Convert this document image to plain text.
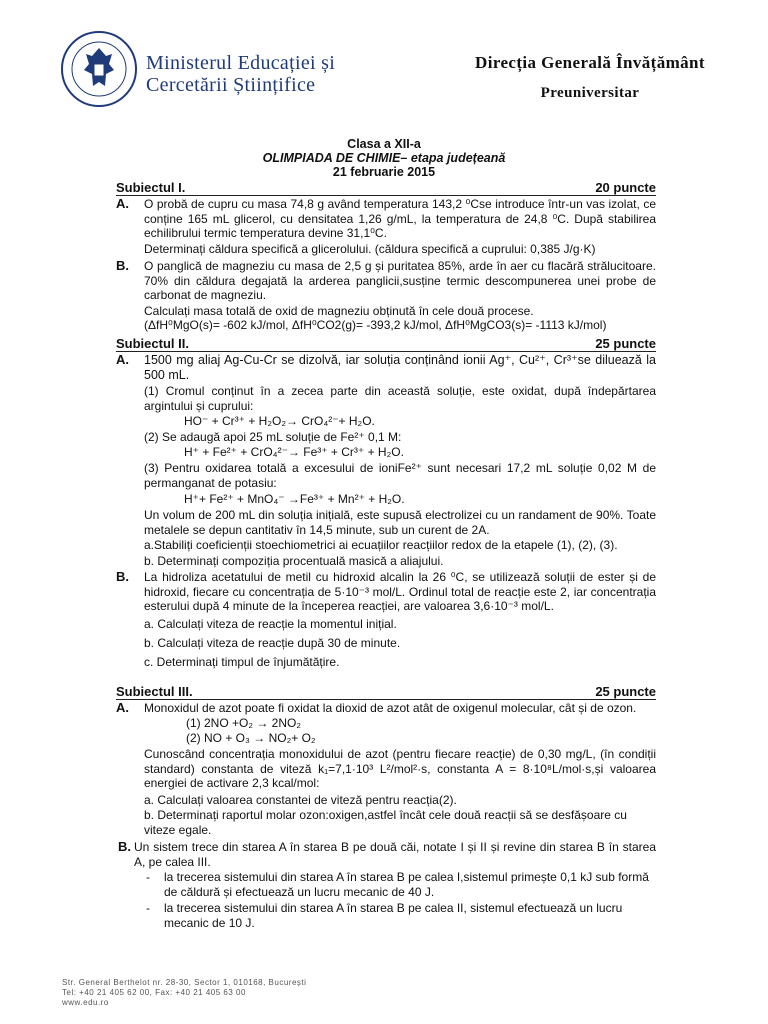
Ministerul Educației și
Cercetării Științifice
Direcția Generală Învățământ
Preuniversitar
Clasa a XII-a
OLIMPIADA DE CHIMIE– etapa județeană
21 februarie 2015
Subiectul I.	20 puncte
A. O probă de cupru cu masa 74,8 g având temperatura 143,2 ⁰Cse introduce într-un vas izolat, ce conține 165 mL glicerol, cu densitatea 1,26 g/mL, la temperatura de 24,8 ⁰C. După stabilirea echilibrului termic temperatura devine 31,1⁰C.
Determinați căldura specifică a glicerolului. (căldura specifică a cuprului: 0,385 J/g·K)
B. O panglică de magneziu cu masa de 2,5 g și puritatea 85%, arde în aer cu flacără strălucitoare. 70% din căldura degajată la arderea panglicii,susține termic descompunerea unei probe de carbonat de magneziu.
Calculați masa totală de oxid de magneziu obținută în cele două procese.
(ΔfH⁰MgO(s)= -602 kJ/mol, ΔfH⁰CO2(g)= -393,2 kJ/mol, ΔfH⁰MgCO3(s)= -1113 kJ/mol)
Subiectul II.	25 puncte
A. 1500 mg aliaj Ag-Cu-Cr se dizolvă, iar soluția conținând ionii Ag⁺, Cu²⁺, Cr³⁺se diluează la 500 mL.
(1) Cromul conținut în a zecea parte din această soluție, este oxidat, după îndepărtarea argintului și cuprului:
HO⁻ + Cr³⁺ + H₂O₂→ CrO₄²⁻+ H₂O.
(2) Se adaugă apoi 25 mL soluție de Fe²⁺ 0,1 M:
H⁺ + Fe²⁺ + CrO₄²⁻→ Fe³⁺ + Cr³⁺ + H₂O.
(3) Pentru oxidarea totală a excesului de ioniFe²⁺ sunt necesari 17,2 mL soluție 0,02 M de permanganat de potasiu:
H⁺+ Fe²⁺ + MnO₄⁻ →Fe³⁺ + Mn²⁺ + H₂O.
Un volum de 200 mL din soluția inițială, este supusă electrolizei cu un randament de 90%. Toate metalele se depun cantitativ în 14,5 minute, sub un curent de 2A.
a.Stabiliți coeficienții stoechiometrici ai ecuațiilor reacțiilor redox de la etapele (1), (2), (3).
b. Determinați compoziția procentuală masică a aliajului.
B. La hidroliza acetatului de metil cu hidroxid alcalin la 26 ⁰C, se utilizează soluții de ester și de hidroxid, fiecare cu concentrația de 5·10⁻³ mol/L. Ordinul total de reacție este 2, iar concentrația esterului după 4 minute de la începerea reacției, are valoarea 3,6·10⁻³ mol/L.
a. Calculați viteza de reacție la momentul inițial.
b. Calculați viteza de reacție după 30 de minute.
c. Determinați timpul de înjumătățire.
Subiectul III.	25 puncte
A. Monoxidul de azot poate fi oxidat la dioxid de azot atât de oxigenul molecular, cât și de ozon.
(1) 2NO +O₂ → 2NO₂
(2) NO + O₃ → NO₂+ O₂
Cunoscând concentrația monoxidului de azot (pentru fiecare reacție) de 0,30 mg/L, (în condiții standard) constanta de viteză k₁=7,1·10³ L²/mol²·s, constanta A = 8·10⁸L/mol·s,și valoarea energiei de activare 2,3 kcal/mol:
a. Calculați valoarea constantei de viteză pentru reacția(2).
b. Determinați raportul molar ozon:oxigen,astfel încât cele două reacții să se desfășoare cu viteze egale.
B. Un sistem trece din starea A în starea B pe două căi, notate I și II și revine din starea B în starea A, pe calea III.
- la trecerea sistemului din starea A în starea B pe calea I,sistemul primește 0,1 kJ sub formă de căldură și efectuează un lucru mecanic de 40 J.
- la trecerea sistemului din starea A în starea B pe calea II, sistemul efectuează un lucru mecanic de 10 J.
Str. General Berthelot nr. 28-30, Sector 1, 010168, București
Tel: +40 21 405 62 00, Fax: +40 21 405 63 00
www.edu.ro
